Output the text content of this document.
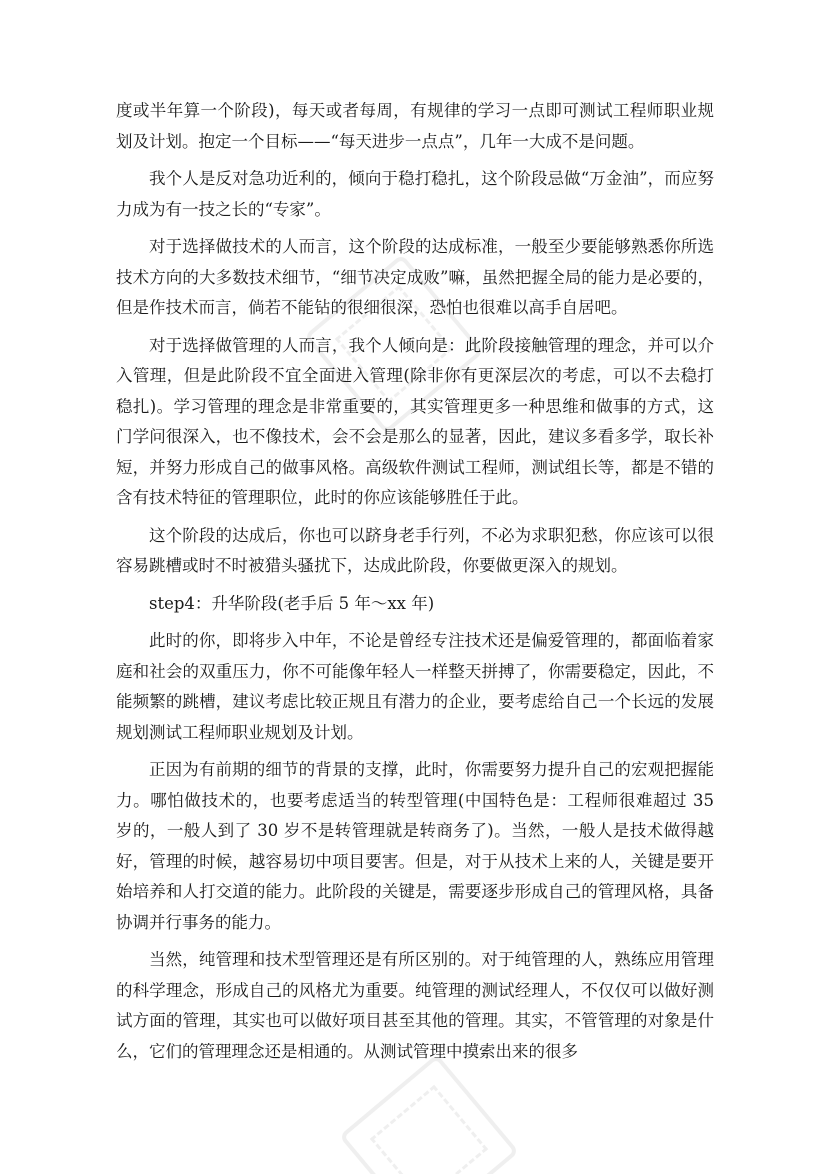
度或半年算一个阶段)，每天或者每周，有规律的学习一点即可测试工程师职业规划及计划。抱定一个目标——“每天进步一点点”，几年一大成不是问题。

我个人是反对急功近利的，倾向于稳打稳扎，这个阶段忌做“万金油”，而应努力成为有一技之长的“专家”。

对于选择做技术的人而言，这个阶段的达成标准，一般至少要能够熟悉你所选技术方向的大多数技术细节，“细节决定成败”嘛，虽然把握全局的能力是必要的，但是作技术而言，倘若不能钻的很细很深，恐怕也很难以高手自居吧。

对于选择做管理的人而言，我个人倾向是：此阶段接触管理的理念，并可以介入管理，但是此阶段不宜全面进入管理(除非你有更深层次的考虑，可以不去稳打稳扎)。学习管理的理念是非常重要的，其实管理更多一种思维和做事的方式，这门学问很深入，也不像技术，会不会是那么的显著，因此，建议多看多学，取长补短，并努力形成自己的做事风格。高级软件测试工程师，测试组长等，都是不错的含有技术特征的管理职位，此时的你应该能够胜任于此。

这个阶段的达成后，你也可以跻身老手行列，不必为求职犯愁，你应该可以很容易跳槽或时不时被猎头骚扰下，达成此阶段，你要做更深入的规划。

step4：升华阶段(老手后 5 年～xx 年)

此时的你，即将步入中年，不论是曾经专注技术还是偏爱管理的，都面临着家庭和社会的双重压力，你不可能像年轻人一样整天拼搏了，你需要稳定，因此，不能频繁的跳槽，建议考虑比较正规且有潜力的企业，要考虑给自己一个长远的发展规划测试工程师职业规划及计划。

正因为有前期的细节的背景的支撑，此时，你需要努力提升自己的宏观把握能力。哪怕做技术的，也要考虑适当的转型管理(中国特色是：工程师很难超过 35 岁的，一般人到了 30 岁不是转管理就是转商务了)。当然，一般人是技术做得越好，管理的时候，越容易切中项目要害。但是，对于从技术上来的人，关键是要开始培养和人打交道的能力。此阶段的关键是，需要逐步形成自己的管理风格，具备协调并行事务的能力。

当然，纯管理和技术型管理还是有所区别的。对于纯管理的人，熟练应用管理的科学理念，形成自己的风格尤为重要。纯管理的测试经理人，不仅仅可以做好测试方面的管理，其实也可以做好项目甚至其他的管理。其实，不管管理的对象是什么，它们的管理理念还是相通的。从测试管理中摸索出来的很多
